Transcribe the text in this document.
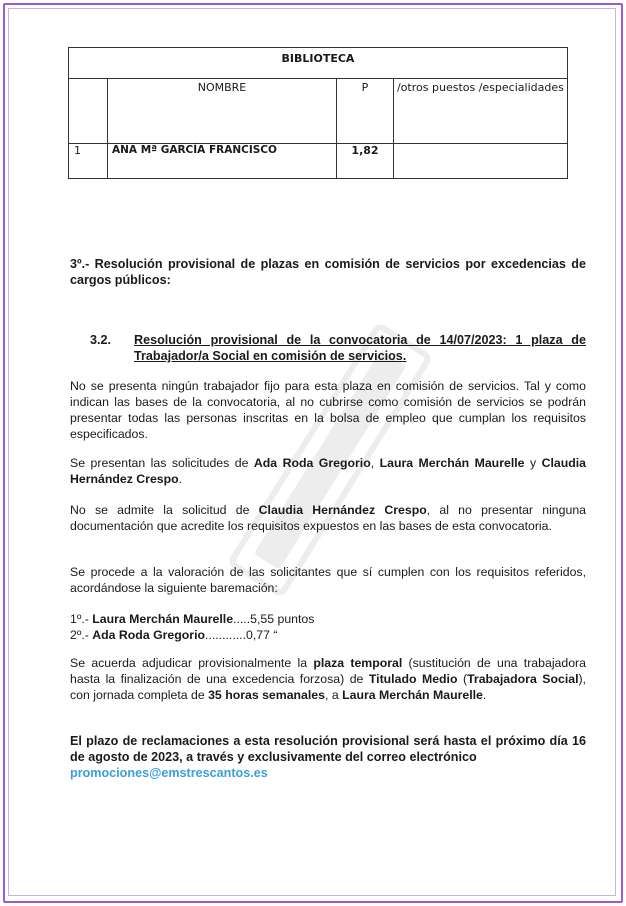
BIBLIOTECA			
	NOMBRE	P	/otros puestos /especialidades
1	ANA Mª GARCÍA FRANCISCO	1,82	
3º.- Resolución provisional de plazas en comisión de servicios por excedencias de cargos públicos:
3.2. Resolución provisional de la convocatoria de 14/07/2023: 1 plaza de Trabajador/a Social en comisión de servicios.
No se presenta ningún trabajador fijo para esta plaza en comisión de servicios. Tal y como indican las bases de la convocatoria, al no cubrirse como comisión de servicios se podrán presentar todas las personas inscritas en la bolsa de empleo que cumplan los requisitos especificados.
Se presentan las solicitudes de Ada Roda Gregorio, Laura Merchán Maurelle y Claudia Hernández Crespo.
No se admite la solicitud de Claudia Hernández Crespo, al no presentar ninguna documentación que acredite los requisitos expuestos en las bases de esta convocatoria.
Se procede a la valoración de las solicitantes que sí cumplen con los requisitos referidos, acordándose la siguiente baremación:
1º.- Laura Merchán Maurelle.....5,55 puntos
2º.- Ada Roda Gregorio............0,77 “
Se acuerda adjudicar provisionalmente la plaza temporal (sustitución de una trabajadora hasta la finalización de una excedencia forzosa) de Titulado Medio (Trabajadora Social), con jornada completa de 35 horas semanales, a Laura Merchán Maurelle.
El plazo de reclamaciones a esta resolución provisional será hasta el próximo día 16 de agosto de 2023, a través y exclusivamente del correo electrónico
promociones@emstrescantos.es
